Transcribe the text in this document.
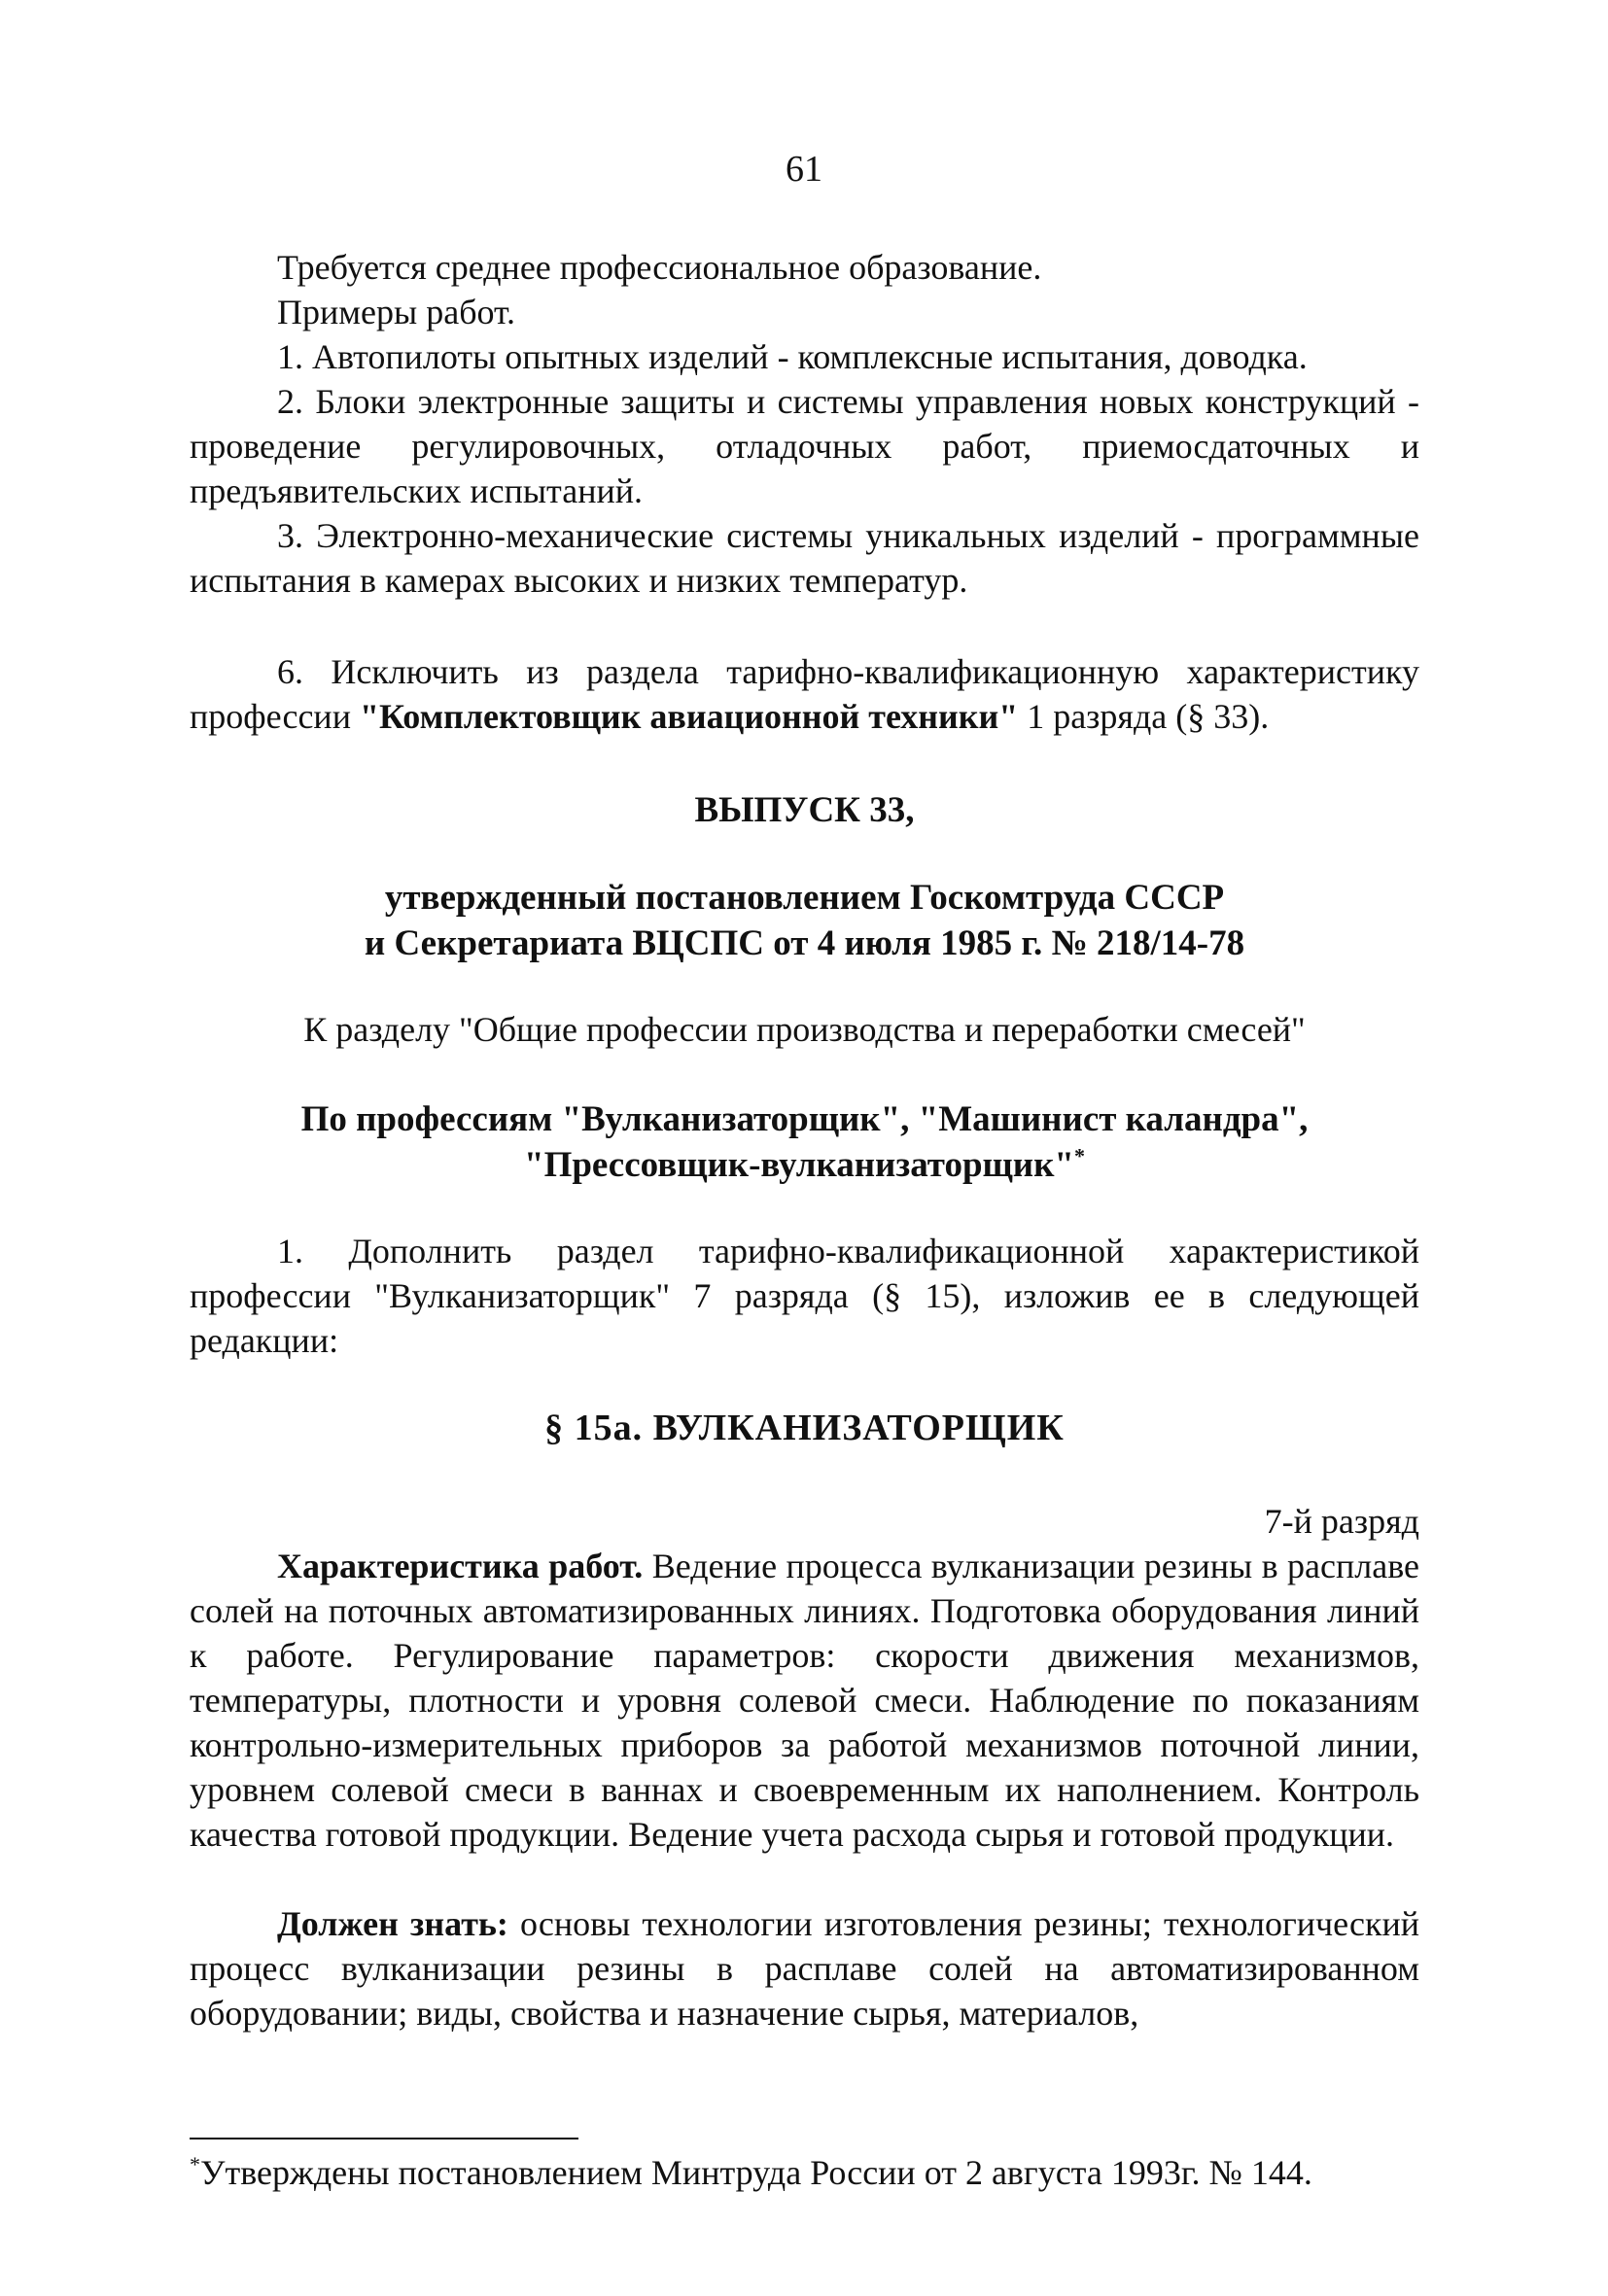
61

Требуется среднее профессиональное образование.

Примеры работ.

1. Автопилоты опытных изделий - комплексные испытания, доводка.

2. Блоки электронные защиты и системы управления новых конструкций - проведение регулировочных, отладочных работ, приемосдаточных и предъявительских испытаний.

3. Электронно-механические системы уникальных изделий - программные испытания в камерах высоких и низких температур.

6. Исключить из раздела тарифно-квалификационную характеристику профессии "Комплектовщик авиационной техники" 1 разряда (§ 33).

ВЫПУСК 33,

утвержденный постановлением Госкомтруда СССР

и Секретариата ВЦСПС от 4 июля 1985 г. № 218/14-78

К разделу "Общие профессии производства и переработки смесей"

По профессиям "Вулканизаторщик", "Машинист каландра",

"Прессовщик-вулканизаторщик"*

1. Дополнить раздел тарифно-квалификационной характеристикой профессии "Вулканизаторщик" 7 разряда (§ 15), изложив ее в следующей редакции:

§ 15а. ВУЛКАНИЗАТОРЩИК

7-й разряд

Характеристика работ. Ведение процесса вулканизации резины в расплаве солей на поточных автоматизированных линиях. Подготовка оборудования линий к работе. Регулирование параметров: скорости движения механизмов, температуры, плотности и уровня солевой смеси. Наблюдение по показаниям контрольно-измерительных приборов за работой механизмов поточной линии, уровнем солевой смеси в ваннах и своевременным их наполнением. Контроль качества готовой продукции. Ведение учета расхода сырья и готовой продукции.

Должен знать: основы технологии изготовления резины; технологический процесс вулканизации резины в расплаве солей на автоматизированном оборудовании; виды, свойства и назначение сырья, материалов,

*Утверждены постановлением Минтруда России от 2 августа 1993г. № 144.
